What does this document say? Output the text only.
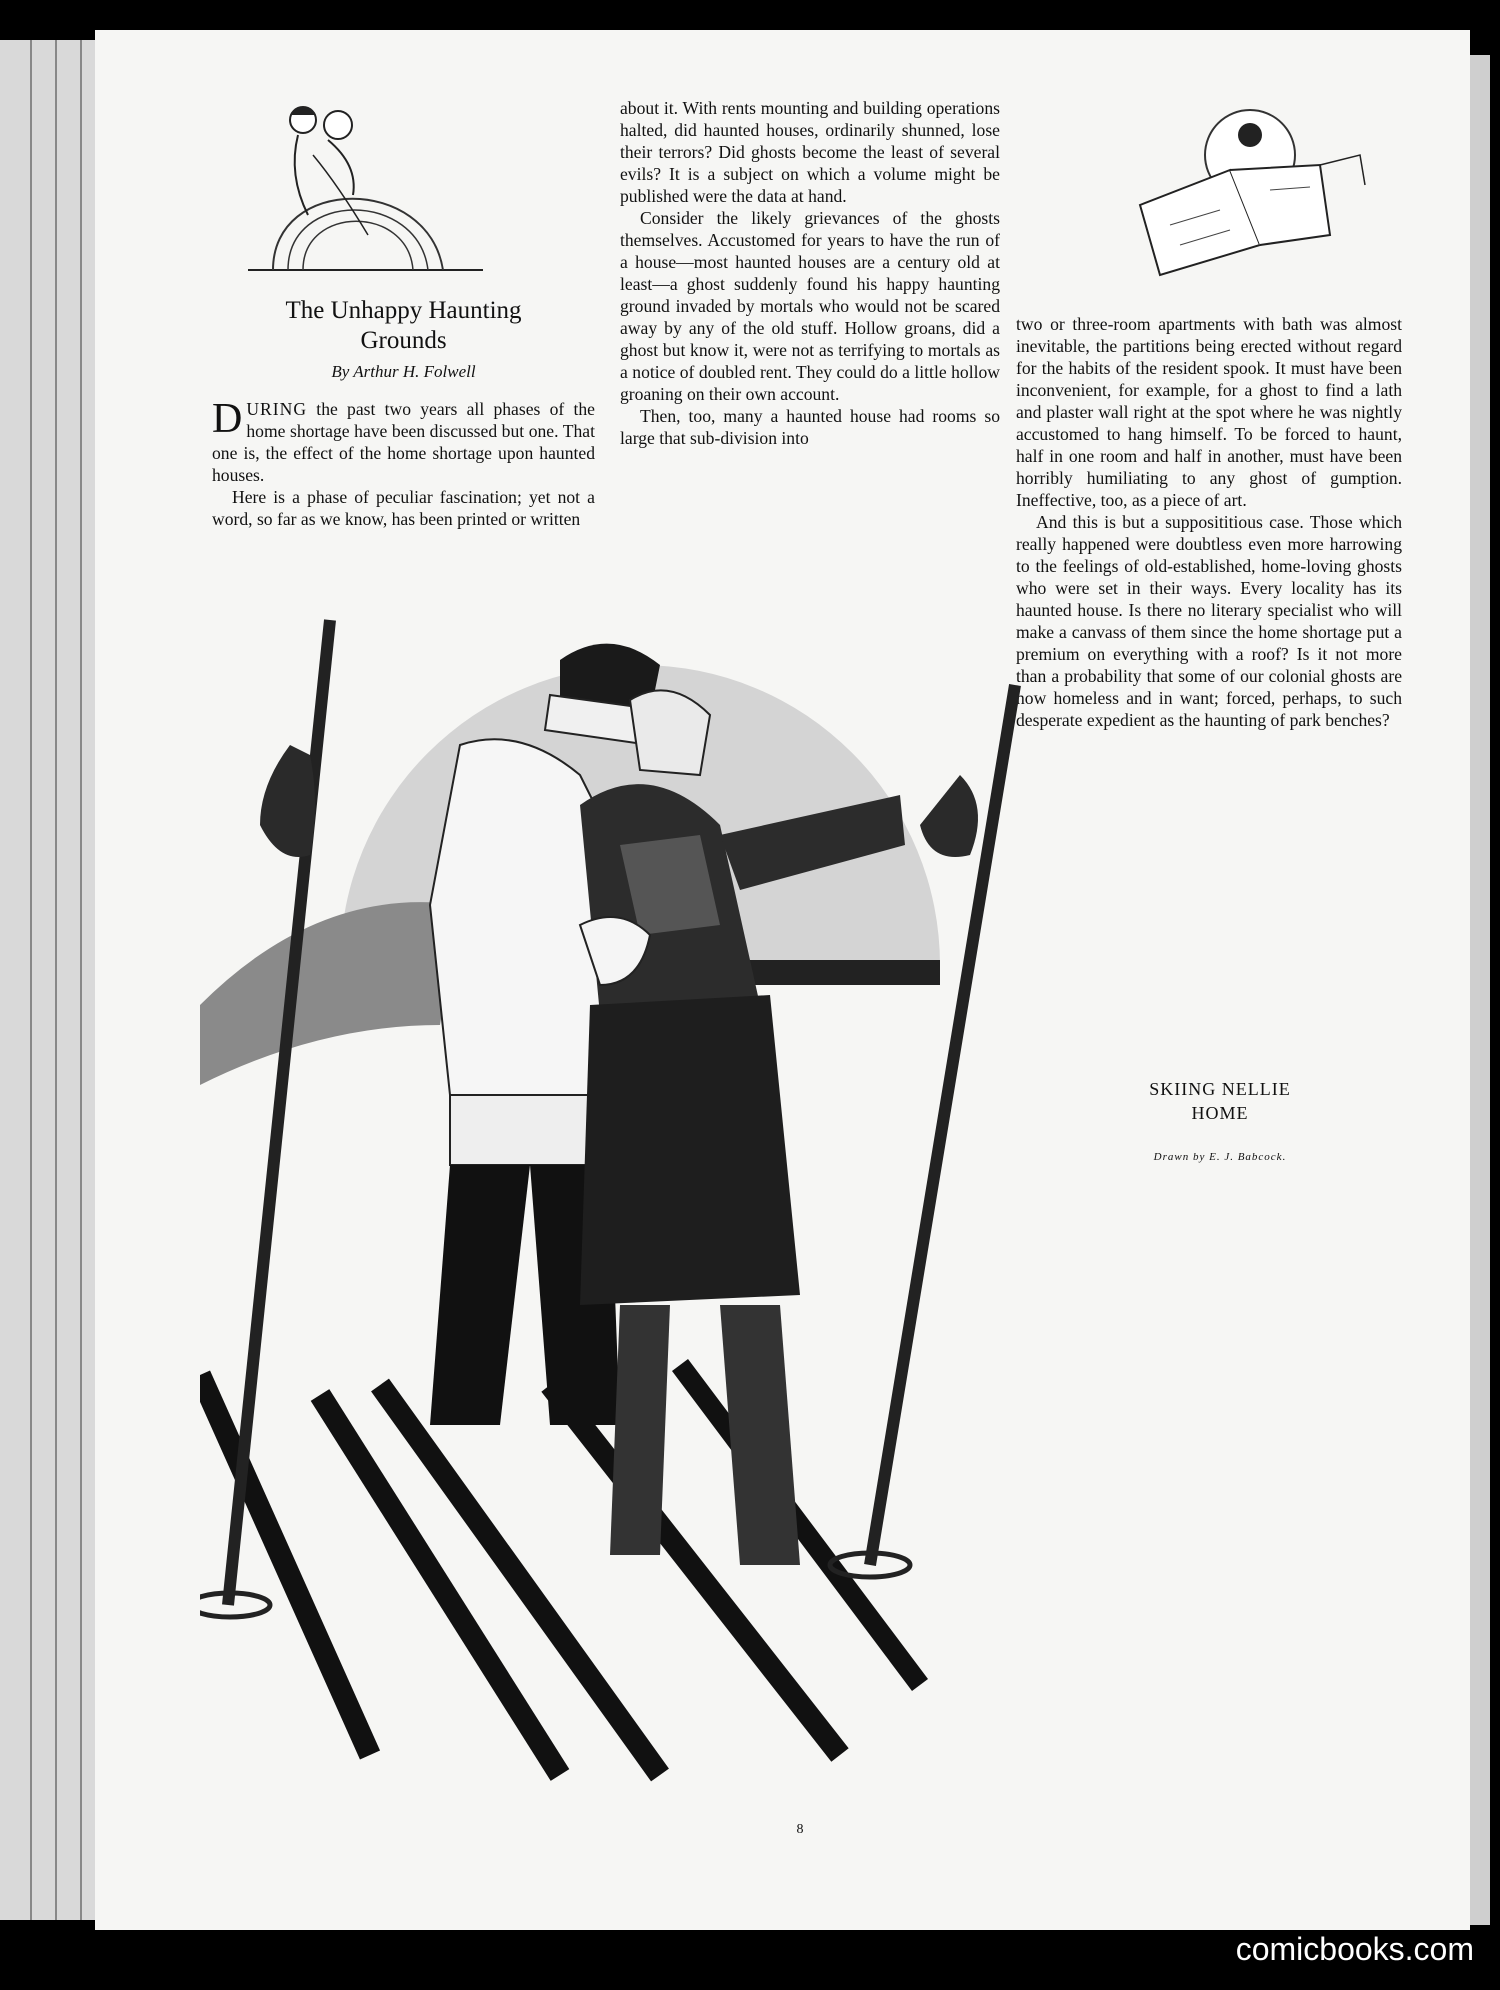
The Unhappy Haunting
Grounds
By Arthur H. Folwell

DURING the past two years all phases of the home shortage have been discussed but one. That one is, the effect of the home shortage upon haunted houses.

Here is a phase of peculiar fascination; yet not a word, so far as we know, has been printed or written

about it. With rents mounting and building operations halted, did haunted houses, ordinarily shunned, lose their terrors? Did ghosts become the least of several evils? It is a subject on which a volume might be published were the data at hand.

Consider the likely grievances of the ghosts themselves. Accustomed for years to have the run of a house—most haunted houses are a century old at least—a ghost suddenly found his happy haunting ground invaded by mortals who would not be scared away by any of the old stuff. Hollow groans, did a ghost but know it, were not as terrifying to mortals as a notice of doubled rent. They could do a little hollow groaning on their own account.

Then, too, many a haunted house had rooms so large that sub-division into

two or three-room apartments with bath was almost inevitable, the partitions being erected without regard for the habits of the resident spook. It must have been inconvenient, for example, for a ghost to find a lath and plaster wall right at the spot where he was nightly accustomed to hang himself. To be forced to haunt, half in one room and half in another, must have been horribly humiliating to any ghost of gumption. Ineffective, too, as a piece of art.

And this is but a supposititious case. Those which really happened were doubtless even more harrowing to the feelings of old-established, home-loving ghosts who were set in their ways. Every locality has its haunted house. Is there no literary specialist who will make a canvass of them since the home shortage put a premium on everything with a roof? Is it not more than a probability that some of our colonial ghosts are now homeless and in want; forced, perhaps, to such desperate expedient as the haunting of park benches?

SKIING NELLIE
HOME
Drawn by E. J. Babcock.
8
comicbooks.com
